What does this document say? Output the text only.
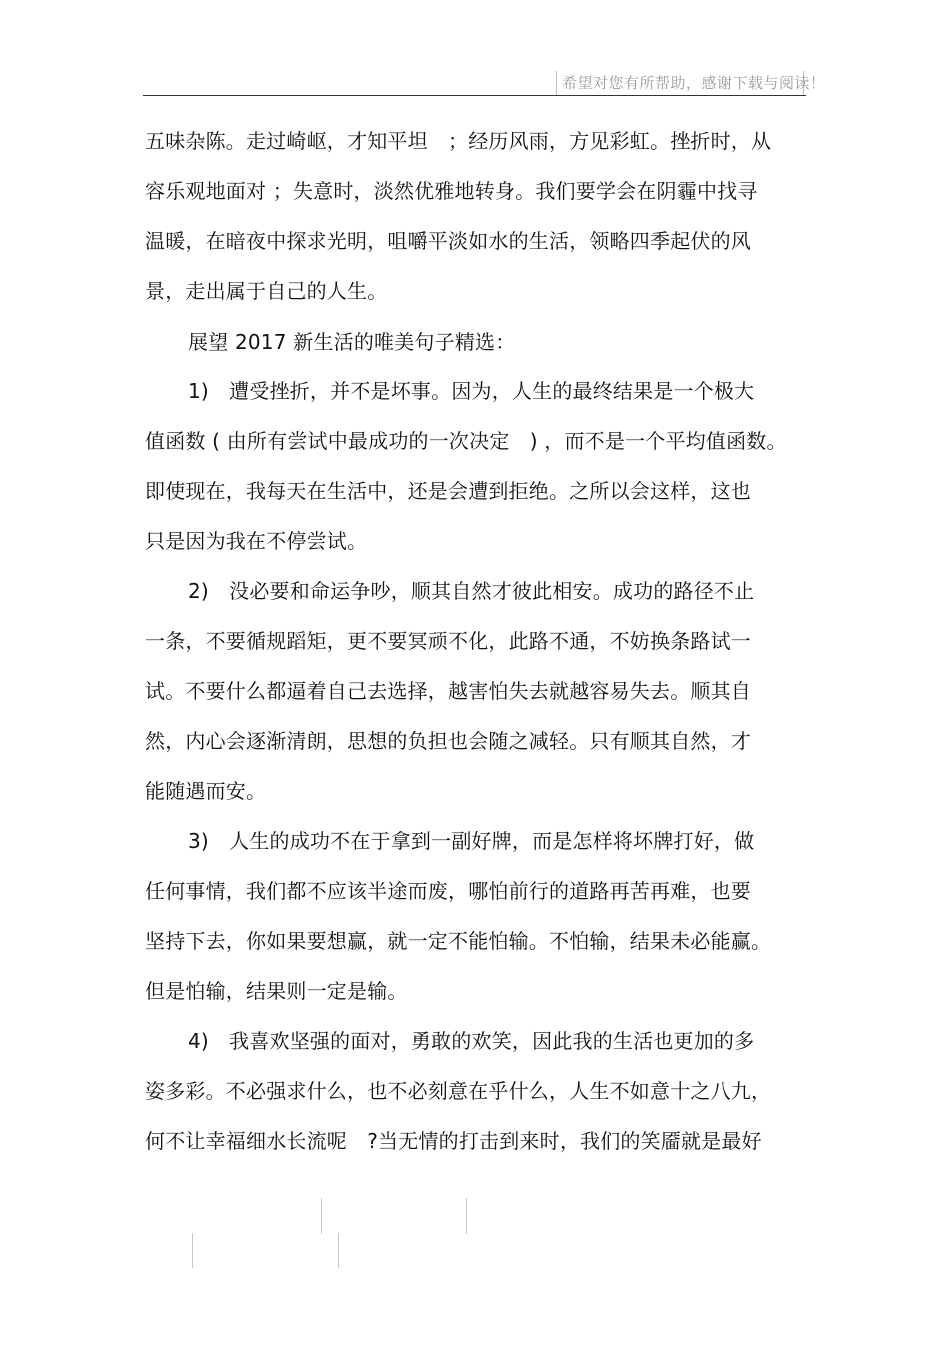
希望对您有所帮助，感谢下载与阅读！
五味杂陈。走过崎岖，才知平坦　；经历风雨，方见彩虹。挫折时，从
容乐观地面对 ；失意时，淡然优雅地转身。我们要学会在阴霾中找寻
温暖，在暗夜中探求光明，咀嚼平淡如水的生活，领略四季起伏的风
景，走出属于自己的人生。
展望 2017 新生活的唯美句子精选：
1)　遭受挫折，并不是坏事。因为，人生的最终结果是一个极大
值函数 ( 由所有尝试中最成功的一次决定　) ，而不是一个平均值函数。
即使现在，我每天在生活中，还是会遭到拒绝。之所以会这样，这也
只是因为我在不停尝试。
2)　没必要和命运争吵，顺其自然才彼此相安。成功的路径不止
一条，不要循规蹈矩，更不要冥顽不化，此路不通，不妨换条路试一
试。不要什么都逼着自己去选择，越害怕失去就越容易失去。顺其自
然，内心会逐渐清朗，思想的负担也会随之减轻。只有顺其自然，才
能随遇而安。
3)　人生的成功不在于拿到一副好牌，而是怎样将坏牌打好，做
任何事情，我们都不应该半途而废，哪怕前行的道路再苦再难，也要
坚持下去，你如果要想赢，就一定不能怕输。不怕输，结果未必能赢。
但是怕输，结果则一定是输。
4)　我喜欢坚强的面对，勇敢的欢笑，因此我的生活也更加的多
姿多彩。不必强求什么，也不必刻意在乎什么，人生不如意十之八九，
何不让幸福细水长流呢　?当无情的打击到来时，我们的笑靥就是最好
